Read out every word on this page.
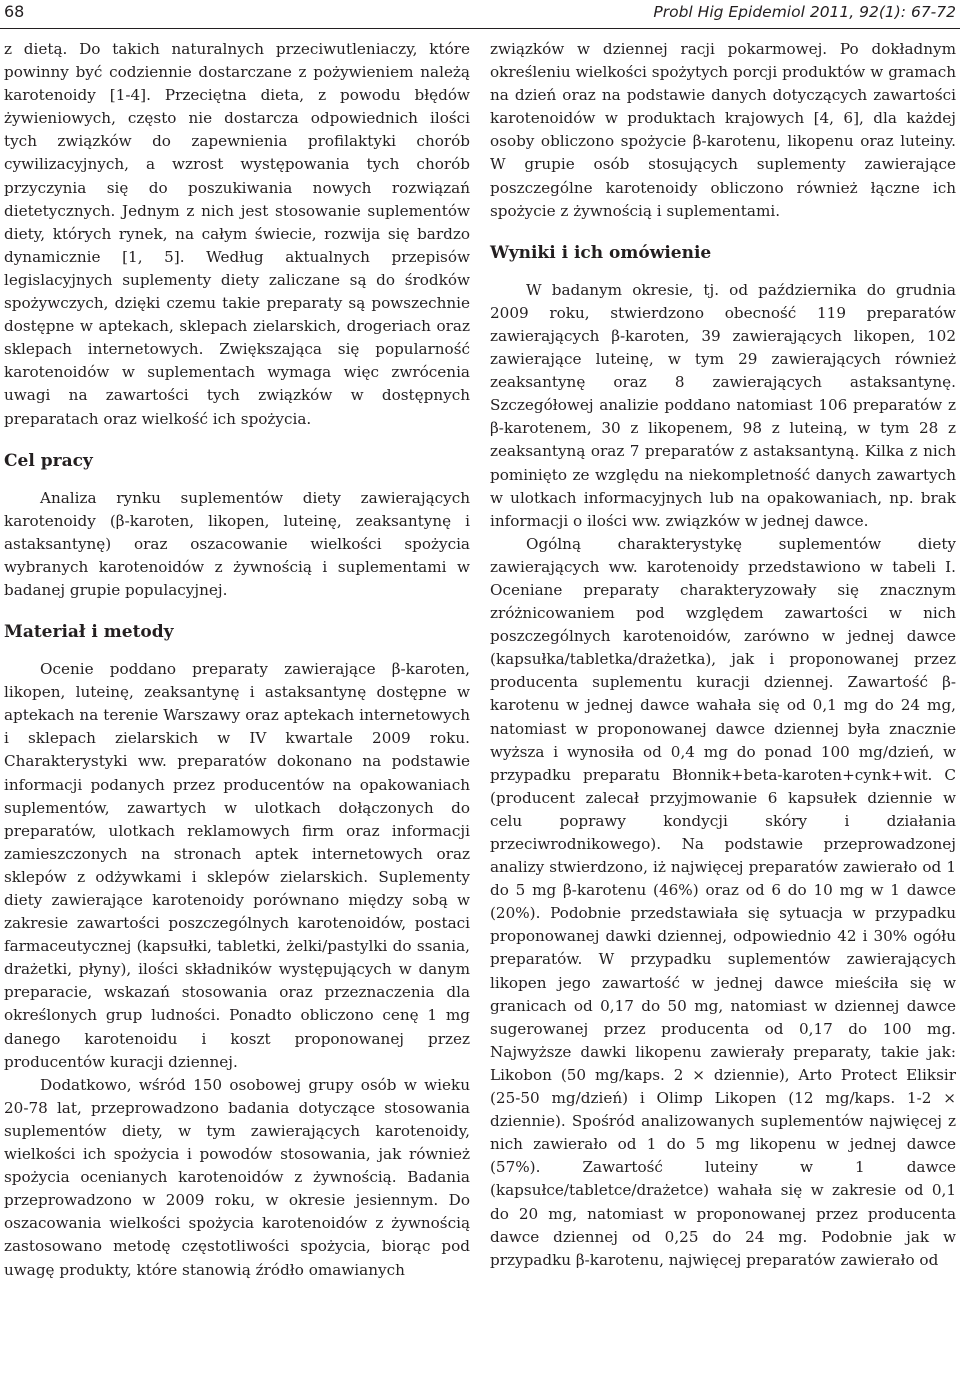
68	Probl Hig Epidemiol 2011, 92(1): 67-72

z dietą. Do takich naturalnych przeciwutleniaczy, które powinny być codziennie dostarczane z pożywieniem należą karotenoidy [1-4]. Przeciętna dieta, z powodu błędów żywieniowych, często nie dostarcza odpowiednich ilości tych związków do zapewnienia profilaktyki chorób cywilizacyjnych, a wzrost występowania tych chorób przyczynia się do poszukiwania nowych rozwiązań dietetycznych. Jednym z nich jest stosowanie suplementów diety, których rynek, na całym świecie, rozwija się bardzo dynamicznie [1, 5]. Według aktualnych przepisów legislacyjnych suplementy diety zaliczane są do środków spożywczych, dzięki czemu takie preparaty są powszechnie dostępne w aptekach, sklepach zielarskich, drogeriach oraz sklepach internetowych. Zwiększająca się popularność karotenoidów w suplementach wymaga więc zwrócenia uwagi na zawartości tych związków w dostępnych preparatach oraz wielkość ich spożycia.

Cel pracy

Analiza rynku suplementów diety zawierających karotenoidy (β-karoten, likopen, luteinę, zeaksantynę i astaksantynę) oraz oszacowanie wielkości spożycia wybranych karotenoidów z żywnością i suplementami w badanej grupie populacyjnej.

Materiał i metody

Ocenie poddano preparaty zawierające β-karoten, likopen, luteinę, zeaksantynę i astaksantynę dostępne w aptekach na terenie Warszawy oraz aptekach internetowych i sklepach zielarskich w IV kwartale 2009 roku. Charakterystyki ww. preparatów dokonano na podstawie informacji podanych przez producentów na opakowaniach suplementów, zawartych w ulotkach dołączonych do preparatów, ulotkach reklamowych firm oraz informacji zamieszczonych na stronach aptek internetowych oraz sklepów z odżywkami i sklepów zielarskich. Suplementy diety zawierające karotenoidy porównano między sobą w zakresie zawartości poszczególnych karotenoidów, postaci farmaceutycznej (kapsułki, tabletki, żelki/pastylki do ssania, drażetki, płyny), ilości składników występujących w danym preparacie, wskazań stosowania oraz przeznaczenia dla określonych grup ludności. Ponadto obliczono cenę 1 mg danego karotenoidu i koszt proponowanej przez producentów kuracji dziennej.

Dodatkowo, wśród 150 osobowej grupy osób w wieku 20-78 lat, przeprowadzono badania dotyczące stosowania suplementów diety, w tym zawierających karotenoidy, wielkości ich spożycia i powodów stosowania, jak również spożycia ocenianych karotenoidów z żywnością. Badania przeprowadzono w 2009 roku, w okresie jesiennym. Do oszacowania wielkości spożycia karotenoidów z żywnością zastosowano metodę częstotliwości spożycia, biorąc pod uwagę produkty, które stanowią źródło omawianych

związków w dziennej racji pokarmowej. Po dokładnym określeniu wielkości spożytych porcji produktów w gramach na dzień oraz na podstawie danych dotyczących zawartości karotenoidów w produktach krajowych [4, 6], dla każdej osoby obliczono spożycie β-karotenu, likopenu oraz luteiny. W grupie osób stosujących suplementy zawierające poszczególne karotenoidy obliczono również łączne ich spożycie z żywnością i suplementami.

Wyniki i ich omówienie

W badanym okresie, tj. od października do grudnia 2009 roku, stwierdzono obecność 119 preparatów zawierających β-karoten, 39 zawierających likopen, 102 zawierające luteinę, w tym 29 zawierających również zeaksantynę oraz 8 zawierających astaksantynę. Szczegółowej analizie poddano natomiast 106 preparatów z β-karotenem, 30 z likopenem, 98 z luteiną, w tym 28 z zeaksantyną oraz 7 preparatów z astaksantyną. Kilka z nich pominięto ze względu na niekompletność danych zawartych w ulotkach informacyjnych lub na opakowaniach, np. brak informacji o ilości ww. związków w jednej dawce.

Ogólną charakterystykę suplementów diety zawierających ww. karotenoidy przedstawiono w tabeli I. Oceniane preparaty charakteryzowały się znacznym zróżnicowaniem pod względem zawartości w nich poszczególnych karotenoidów, zarówno w jednej dawce (kapsułka/tabletka/drażetka), jak i proponowanej przez producenta suplementu kuracji dziennej. Zawartość β-karotenu w jednej dawce wahała się od 0,1 mg do 24 mg, natomiast w proponowanej dawce dziennej była znacznie wyższa i wynosiła od 0,4 mg do ponad 100 mg/dzień, w przypadku preparatu Błonnik+beta-karoten+cynk+wit. C (producent zalecał przyjmowanie 6 kapsułek dziennie w celu poprawy kondycji skóry i działania przeciwrodnikowego). Na podstawie przeprowadzonej analizy stwierdzono, iż najwięcej preparatów zawierało od 1 do 5 mg β-karotenu (46%) oraz od 6 do 10 mg w 1 dawce (20%). Podobnie przedstawiała się sytuacja w przypadku proponowanej dawki dziennej, odpowiednio 42 i 30% ogółu preparatów. W przypadku suplementów zawierających likopen jego zawartość w jednej dawce mieściła się w granicach od 0,17 do 50 mg, natomiast w dziennej dawce sugerowanej przez producenta od 0,17 do 100 mg. Najwyższe dawki likopenu zawierały preparaty, takie jak: Likobon (50 mg/kaps. 2 × dziennie), Arto Protect Eliksir (25-50 mg/dzień) i Olimp Likopen (12 mg/kaps. 1-2 × dziennie). Spośród analizowanych suplementów najwięcej z nich zawierało od 1 do 5 mg likopenu w jednej dawce (57%). Zawartość luteiny w 1 dawce (kapsułce/tabletce/drażetce) wahała się w zakresie od 0,1 do 20 mg, natomiast w proponowanej przez producenta dawce dziennej od 0,25 do 24 mg. Podobnie jak w przypadku β-karotenu, najwięcej preparatów zawierało od
